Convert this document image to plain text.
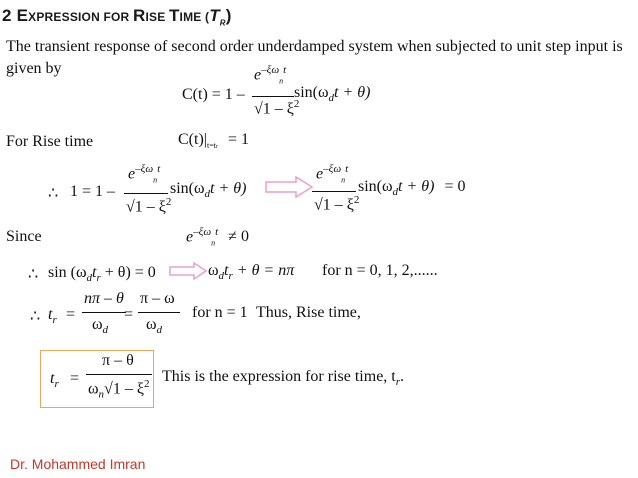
2 EXPRESSION FOR RISE TIME $(T_R)$
The transient response of second order underdamped system when subjected to unit step input is
given by
C(t) = 1 –
$e^{-\xi\omega}_n^t$
$√1 - \xi^2$
$\sin(\omega_dt + \theta)$
For Rise time	$C(t)|_{t=tr} = 1$
∴ 1 = 1 –
$e^{-\xi\omega}_n^t$
$√1 - \xi^2$
$\sin(\omega_dt + \theta)$
$e^{-\xi\omega}_n^t$
$√1 - \xi^2$
$\sin(\omega_dt + \theta) = 0$
Since	$e^{-\xi\omega}_n^t \ne 0$
∴ $\sin (\omega_dt_r + \theta) = 0$	$\omega_dt_r + \theta = n\pi$ for n = 0, 1, 2,......
∴ $t_r$ =
nπ – θ
$\omega_d$
=
π – ω
$\omega_d$
for n = 1 Thus, Rise time,
$t_r$ =
π – θ
$\omega_n√1 - \xi^2$ This is the expression for rise time, $t_r$.
Dr. Mohammed Imran
